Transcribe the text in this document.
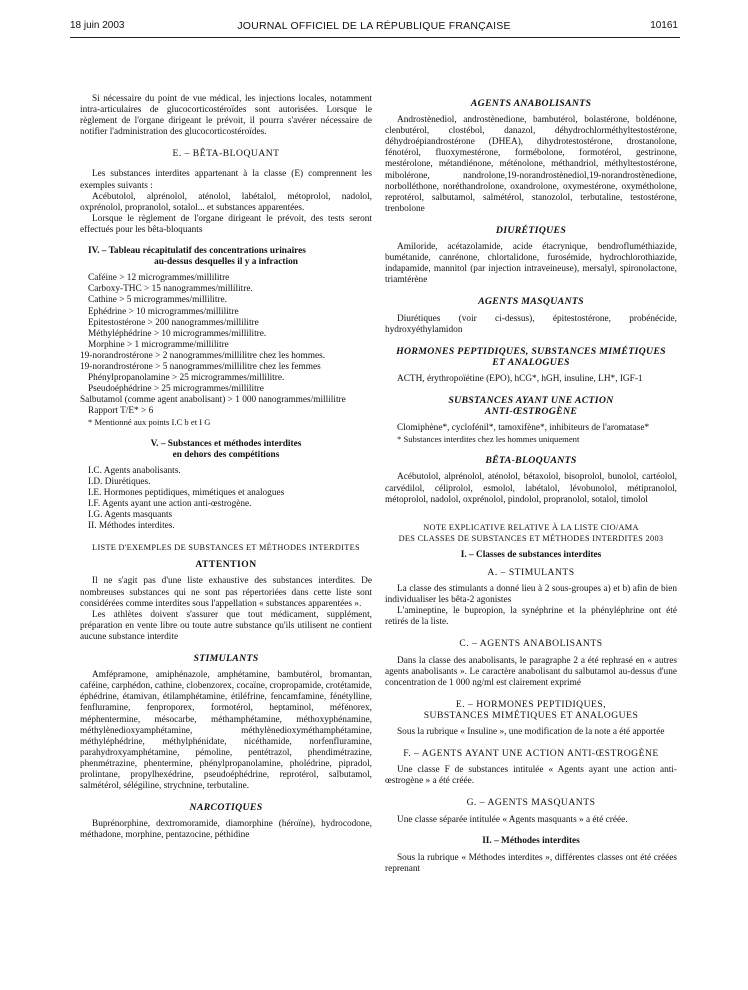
18 juin 2003	JOURNAL OFFICIEL DE LA RÉPUBLIQUE FRANÇAISE	10161

Si nécessaire du point de vue médical, les injections locales, notamment intra-articulaires de glucocorticostéroïdes sont autorisées. Lorsque le règlement de l'organe dirigeant le prévoit, il pourra s'avérer nécessaire de notifier l'administration des glucocorticostéroïdes.

E. – BÊTA-BLOQUANT

Les substances interdites appartenant à la classe (E) comprennent les exemples suivants :

Acébutolol, alprénolol, aténolol, labétalol, métoprolol, nadolol, oxprénolol, propranolol, sotalol... et substances apparentées.

Lorsque le règlement de l'organe dirigeant le prévoit, des tests seront effectués pour les bêta-bloquants

IV. – Tableau récapitulatif des concentrations urinaires

au-dessus desquelles il y a infraction

Caféine > 12 microgrammes/millilitre

Carboxy-THC > 15 nanogrammes/millilitre.

Cathine > 5 microgrammes/millilitre.

Ephédrine > 10 microgrammes/millilitre

Epitestostérone > 200 nanogrammes/millilitre

Méthyléphédrine > 10 microgrammes/millilitre.

Morphine > 1 microgramme/millilitre

19-norandrostérone > 2 nanogrammes/millilitre chez les hommes.

19-norandrostérone > 5 nanogrammes/millilitre chez les femmes

Phénylpropanolamine > 25 microgrammes/millilitre.

Pseudoéphédrine > 25 microgrammes/millilitre

Salbutamol (comme agent anabolisant) > 1 000 nanogrammes/millilitre

Rapport T/E* > 6

* Mentionné aux points I.C b et I G

V. – Substances et méthodes interdites

en dehors des compétitions

I.C. Agents anabolisants.

I.D. Diurétiques.

I.E. Hormones peptidiques, mimétiques et analogues

I.F. Agents ayant une action anti-œstrogène.

I.G. Agents masquants

II. Méthodes interdites.

LISTE D'EXEMPLES DE SUBSTANCES ET MÉTHODES INTERDITES

ATTENTION

Il ne s'agit pas d'une liste exhaustive des substances interdites. De nombreuses substances qui ne sont pas répertoriées dans cette liste sont considérées comme interdites sous l'appellation « substances apparentées ».

Les athlètes doivent s'assurer que tout médicament, supplément, préparation en vente libre ou toute autre substance qu'ils utilisent ne contient aucune substance interdite

STIMULANTS

Amfépramone, amiphénazole, amphétamine, bambutérol, bromantan, caféine, carphédon, cathine, clobenzorex, cocaïne, cropropamide, crotétamide, éphédrine, étamivan, étilamphétamine, étiléfrine, fencamfamine, fénétylline, fenfluramine, fenproporex, formotérol, heptaminol, méfénorex, méphentermine, mésocarbe, méthamphétamine, méthoxyphénamine, méthylènedioxyamphétamine, méthylènedioxyméthamphétamine, méthyléphédrine, méthylphénidate, nicéthamide, norfenfluramine, parahydroxyamphétamine, pémoline, pentétrazol, phendimétrazine, phenmétrazine, phentermine, phénylpropanolamine, pholédrine, pipradol, prolintane, propylhexédrine, pseudoéphédrine, reprotérol, salbutamol, salmétérol, sélégiline, strychnine, terbutaline.

NARCOTIQUES

Buprénorphine, dextromoramide, diamorphine (héroïne), hydrocodone, méthadone, morphine, pentazocine, péthidine

AGENTS ANABOLISANTS

Androstènediol, androstènedione, bambutérol, bolastérone, boldénone, clenbutérol, clostébol, danazol, déhydrochlorméthyltestostérone, déhydroépiandrostérone (DHEA), dihydrotestostérone, drostanolone, fénotérol, fluoxymestérone, formébolone, formotérol, gestrinone, mestérolone, métandiénone, méténolone, méthandriol, méthyltestostérone, mibolérone, nandrolone,19-norandrostènediol,19-norandrostènedione, norbolléthone, noréthandrolone, oxandrolone, oxymestérone, oxymétholone, reprotérol, salbutamol, salmétérol, stanozolol, terbutaline, testostérone, trenbolone

DIURÉTIQUES

Amiloride, acétazolamide, acide étacrynique, bendrofluméthiazide, bumétanide, canrénone, chlortalidone, furosémide, hydrochlorothiazide, indapamide, mannitol (par injection intraveineuse), mersalyl, spironolactone, triamtérène

AGENTS MASQUANTS

Diurétiques (voir ci-dessus), épitestostérone, probénécide, hydroxyéthylamidon

HORMONES PEPTIDIQUES, SUBSTANCES MIMÉTIQUES

ET ANALOGUES

ACTH, érythropoïétine (EPO), hCG*, hGH, insuline, LH*, IGF-1

SUBSTANCES AYANT UNE ACTION

ANTI-ŒSTROGÈNE

Clomiphène*, cyclofénil*, tamoxifène*, inhibiteurs de l'aromatase*

* Substances interdites chez les hommes uniquement

BÊTA-BLOQUANTS

Acébutolol, alprénolol, aténolol, bétaxolol, bisoprolol, bunolol, cartéolol, carvédilol, céliprolol, esmolol, labétalol, lévobunolol, métipranolol, métoprolol, nadolol, oxprénolol, pindolol, propranolol, sotalol, timolol

NOTE EXPLICATIVE RELATIVE À LA LISTE CIO/AMA

DES CLASSES DE SUBSTANCES ET MÉTHODES INTERDITES 2003

I. – Classes de substances interdites

A. – STIMULANTS

La classe des stimulants a donné lieu à 2 sous-groupes a) et b) afin de bien individualiser les bêta-2 agonistes

L'amineptine, le bupropion, la synéphrine et la phényléphrine ont été retirés de la liste.

C. – AGENTS ANABOLISANTS

Dans la classe des anabolisants, le paragraphe 2 a été rephrasé en « autres agents anabolisants ». Le caractère anabolisant du salbutamol au-dessus d'une concentration de 1 000 ng/ml est clairement exprimé

E. – HORMONES PEPTIDIQUES,

SUBSTANCES MIMÉTIQUES ET ANALOGUES

Sous la rubrique « Insuline », une modification de la note a été apportée

F. – AGENTS AYANT UNE ACTION ANTI-ŒSTROGÈNE

Une classe F de substances intitulée « Agents ayant une action anti-œstrogène » a été créée.

G. – AGENTS MASQUANTS

Une classe séparée intitulée « Agents masquants » a été créée.

II. – Méthodes interdites

Sous la rubrique « Méthodes interdites », différentes classes ont été créées reprenant
